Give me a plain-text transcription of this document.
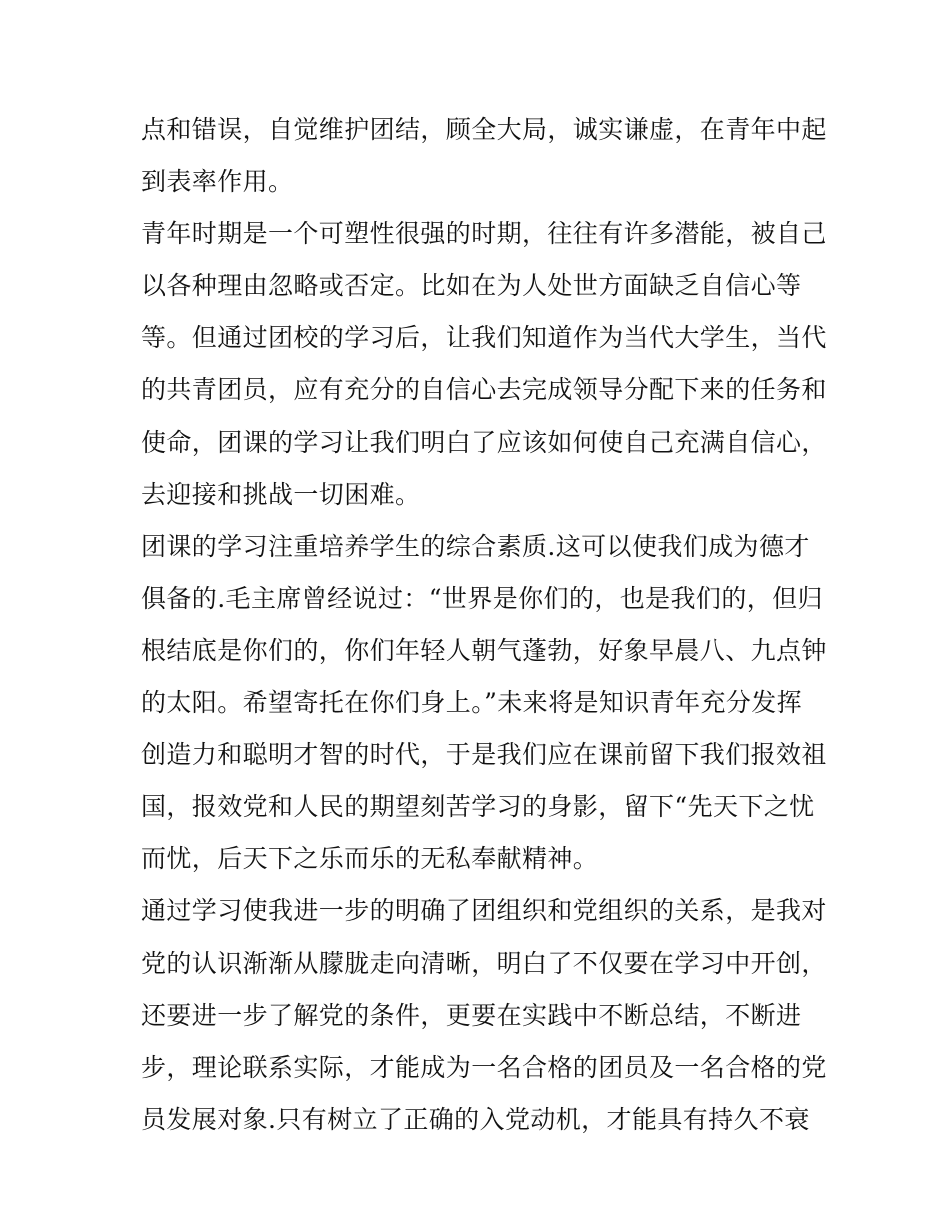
点和错误，自觉维护团结，顾全大局，诚实谦虚，在青年中起
到表率作用。
青年时期是一个可塑性很强的时期，往往有许多潜能，被自己
以各种理由忽略或否定。比如在为人处世方面缺乏自信心等
等。但通过团校的学习后，让我们知道作为当代大学生，当代
的共青团员，应有充分的自信心去完成领导分配下来的任务和
使命，团课的学习让我们明白了应该如何使自己充满自信心，
去迎接和挑战一切困难。
团课的学习注重培养学生的综合素质.这可以使我们成为德才
俱备的.毛主席曾经说过：“世界是你们的，也是我们的，但归
根结底是你们的，你们年轻人朝气蓬勃，好象早晨八、九点钟
的太阳。希望寄托在你们身上。”未来将是知识青年充分发挥
创造力和聪明才智的时代，于是我们应在课前留下我们报效祖
国，报效党和人民的期望刻苦学习的身影，留下“先天下之忧
而忧，后天下之乐而乐的无私奉献精神。
通过学习使我进一步的明确了团组织和党组织的关系，是我对
党的认识渐渐从朦胧走向清晰，明白了不仅要在学习中开创，
还要进一步了解党的条件，更要在实践中不断总结，不断进
步，理论联系实际，才能成为一名合格的团员及一名合格的党
员发展对象.只有树立了正确的入党动机，才能具有持久不衰
